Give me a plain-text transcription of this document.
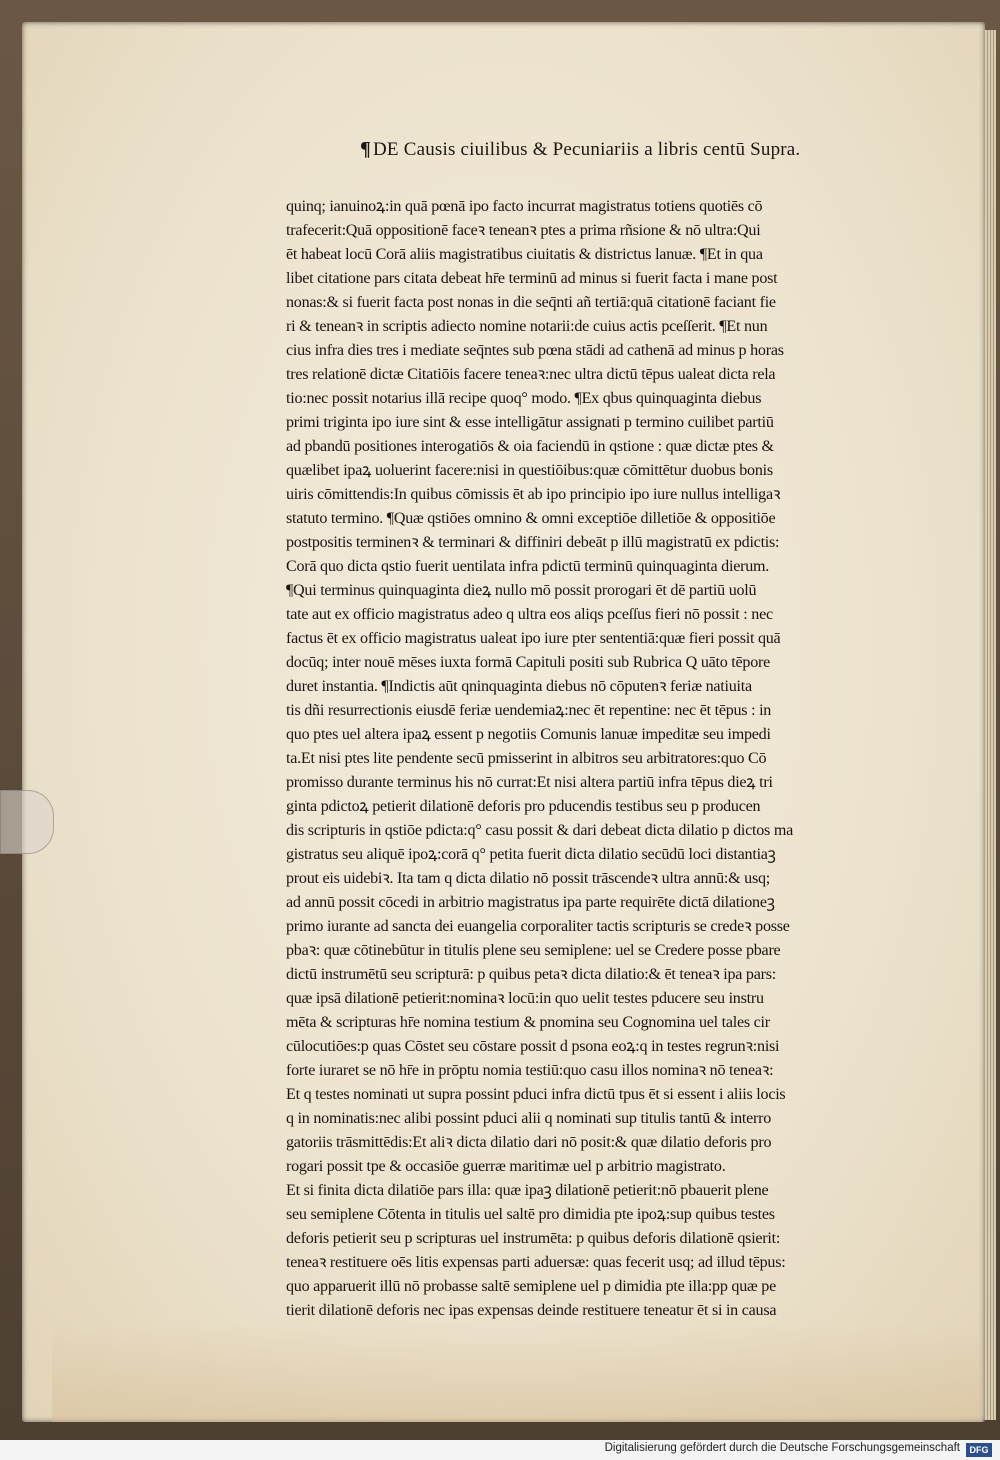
¶ DE Causis ciuilibus & Pecuniariis a libris centū Supra.
quinq; ianuinoꝝ:in quā pœnā ipo facto incurrat magistratus totiens quotiēs cō
trafecerit:Quā oppositionē faceꝛ teneanꝛ ptes a prima rñsione & nō ultra:Qui
ēt habeat locū Corā aliis magistratibus ciuitatis & districtus lanuæ. ¶Et in qua
libet citatione pars citata debeat hr̄e terminū ad minus si fuerit facta i mane post
nonas:& si fuerit facta post nonas in die seq̄nti añ tertiā:quā citationē faciant fie
ri & teneanꝛ in scriptis adiecto nomine notarii:de cuius actis pceſſerit. ¶Et nun
cius infra dies tres i mediate seq̄ntes sub pœna stādi ad cathenā ad minus p horas
tres relationē dictæ Citatiōis facere teneaꝛ:nec ultra dictū tēpus ualeat dicta rela
tio:nec possit notarius illā recipe quoq° modo. ¶Ex qbus quinquaginta diebus
primi triginta ipo iure sint & esse intelligātur assignati p termino cuilibet partiū
ad pbandū positiones interogatiōs & oia faciendū in qstione : quæ dictæ ptes &
quælibet ipaꝝ uoluerint facere:nisi in questiōibus:quæ cōmittētur duobus bonis
uiris cōmittendis:In quibus cōmissis ēt ab ipo principio ipo iure nullus intelligaꝛ
statuto termino. ¶Quæ qstiōes omnino & omni exceptiōe dilletiōe & oppositiōe
postpositis terminenꝛ & terminari & diffiniri debeāt p illū magistratū ex pdictis:
Corā quo dicta qstio fuerit uentilata infra pdictū terminū quinquaginta dierum.
¶Qui terminus quinquaginta dieꝝ nullo mō possit prorogari ēt dē partiū uolū
tate aut ex officio magistratus adeo q ultra eos aliqs pceſſus fieri nō possit : nec
factus ēt ex officio magistratus ualeat ipo iure pter sententiā:quæ fieri possit quā
docūq; inter nouē mēses iuxta formā Capituli positi sub Rubrica Q uāto tēpore
duret instantia. ¶Indictis aūt qninquaginta diebus nō cōputenꝛ feriæ natiuita
tis dñi resurrectionis eiusdē feriæ uendemiaꝝ:nec ēt repentine: nec ēt tēpus : in
quo ptes uel altera ipaꝝ essent p negotiis Comunis lanuæ impeditæ seu impedi
ta.Et nisi ptes lite pendente secū pmisserint in albitros seu arbitratores:quo Cō
promisso durante terminus his nō currat:Et nisi altera partiū infra tēpus dieꝝ tri
ginta pdictoꝝ petierit dilationē deforis pro pducendis testibus seu p producen
dis scripturis in qstiōe pdicta:q° casu possit & dari debeat dicta dilatio p dictos ma
gistratus seu aliquē ipoꝝ:corā q° petita fuerit dicta dilatio secūdū loci distantiaꝫ
prout eis uidebiꝛ. Ita tam q dicta dilatio nō possit trāscendeꝛ ultra annū:& usq;
ad annū possit cōcedi in arbitrio magistratus ipa parte requirēte dictā dilationeꝫ
primo iurante ad sancta dei euangelia corporaliter tactis scripturis se credeꝛ posse
pbaꝛ: quæ cōtinebūtur in titulis plene seu semiplene: uel se Credere posse pbare
dictū instrumētū seu scripturā: p quibus petaꝛ dicta dilatio:& ēt teneaꝛ ipa pars:
quæ ipsā dilationē petierit:nominaꝛ locū:in quo uelit testes pducere seu instru
mēta & scripturas hr̄e nomina testium & pnomina seu Cognomina uel tales cir
cūlocutiōes:p quas Cōstet seu cōstare possit d psona eoꝝ:q in testes regrunꝛ:nisi
forte iuraret se nō hr̄e in prōptu nomia testiū:quo casu illos nominaꝛ nō teneaꝛ:
Et q testes nominati ut supra possint pduci infra dictū tpus ēt si essent i aliis locis
q in nominatis:nec alibi possint pduci alii q nominati sup titulis tantū & interro
gatoriis trāsmittēdis:Et aliꝛ dicta dilatio dari nō posit:& quæ dilatio deforis pro
rogari possit tpe & occasiōe guerræ maritimæ uel p arbitrio magistrato.
Et si finita dicta dilatiōe pars illa: quæ ipaꝫ dilationē petierit:nō pbauerit plene
seu semiplene Cōtenta in titulis uel saltē pro dimidia pte ipoꝝ:sup quibus testes
deforis petierit seu p scripturas uel instrumēta: p quibus deforis dilationē qsierit:
teneaꝛ restituere oēs litis expensas parti aduersæ: quas fecerit usq; ad illud tēpus:
quo apparuerit illū nō probasse saltē semiplene uel p dimidia pte illa:pp quæ pe
tierit dilationē deforis nec ipas expensas deinde restituere teneatur ēt si in causa
Digitalisierung gefördert durch die Deutsche Forschungsgemeinschaft	DFG
